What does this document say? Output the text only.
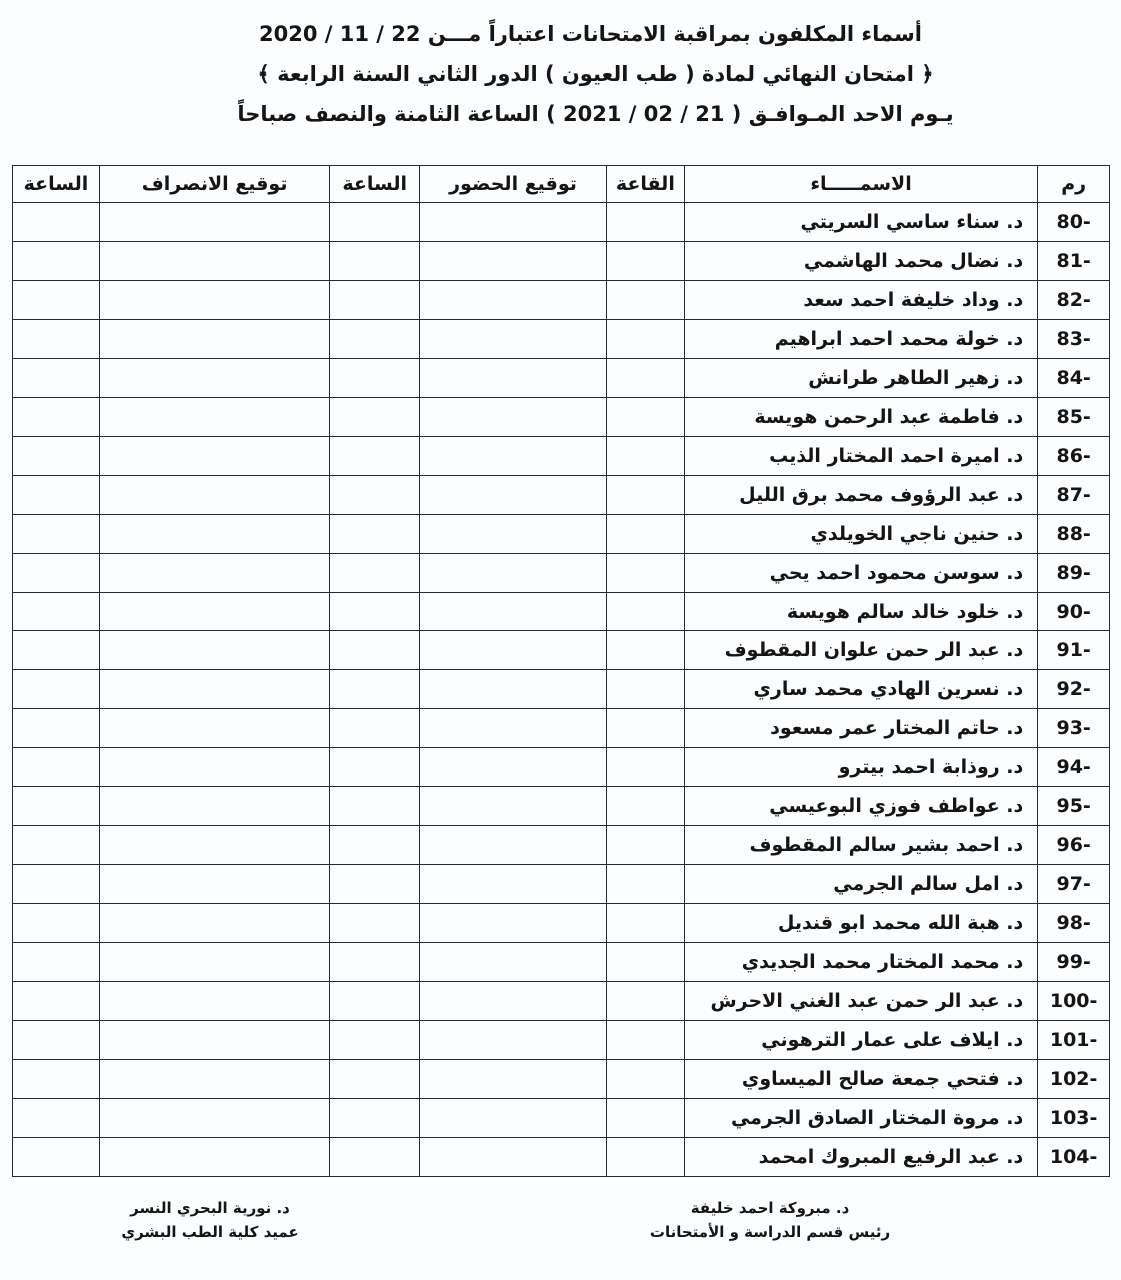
أسماء المكلفون بمراقبة الامتحانات اعتباراً مـــن 22 / 11 / 2020
﴿ امتحان النهائي لمادة ( طب العيون ) الدور الثاني السنة الرابعة ﴾
يـوم الاحد المـوافـق ( 21 / 02 / 2021 ) الساعة الثامنة والنصف صباحاً
رم	الاسمـــــاء	القاعة	توقيع الحضور	الساعة	توقيع الانصراف	الساعة
80-	د. سناء ساسي السريتي					
81-	د. نضال محمد الهاشمي					
82-	د. وداد خليفة احمد سعد					
83-	د. خولة محمد احمد ابراهيم					
84-	د. زهير الطاهر طرانش					
85-	د. فاطمة عبد الرحمن هويسة					
86-	د. اميرة احمد المختار الذيب					
87-	د. عبد الرؤوف محمد برق الليل					
88-	د. حنين ناجي الخويلدي					
89-	د. سوسن محمود احمد يحي					
90-	د. خلود خالد سالم هويسة					
91-	د. عبد الر حمن علوان المقطوف					
92-	د. نسرين الهادي محمد ساري					
93-	د. حاتم المختار عمر مسعود					
94-	د. روذابة احمد بيترو					
95-	د. عواطف فوزي البوعيسي					
96-	د. احمد بشير سالم المقطوف					
97-	د. امل سالم الجرمي					
98-	د. هبة الله محمد ابو قنديل					
99-	د. محمد المختار محمد الجديدي					
100-	د. عبد الر حمن عبد الغني الاحرش					
101-	د. ايلاف على عمار الترهوني					
102-	د. فتحي جمعة صالح الميساوي					
103-	د. مروة المختار الصادق الجرمي					
104-	د. عبد الرفيع المبروك امحمد					
د. مبروكة احمد خليفة
رئيس قسم الدراسة و الأمتحانات
د. نورية البحري النسر
عميد كلية الطب البشري
